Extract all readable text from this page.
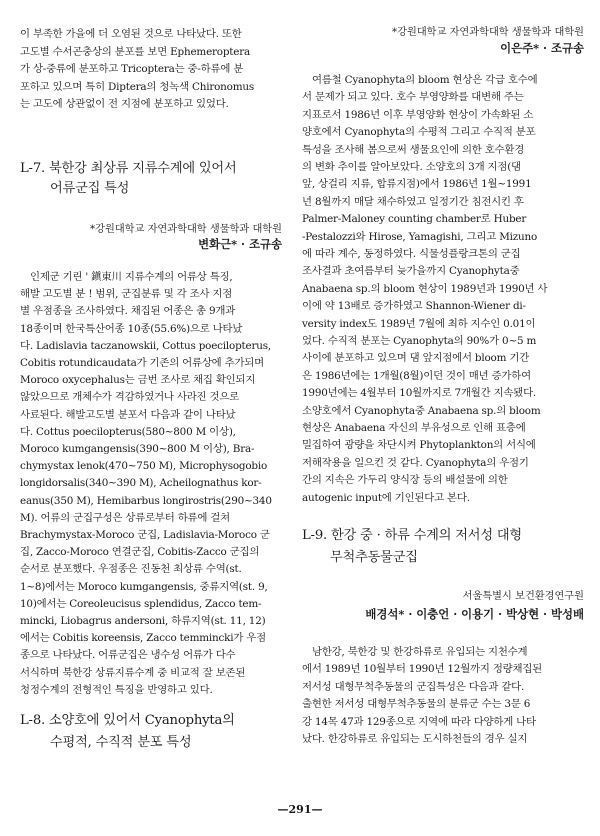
이 부족한 가을에 더 오염된 것으로 나타났다. 또한
고도별 수서곤충상의 분포를 보면 Ephemeroptera
가 상-중류에 분포하고 Tricoptera는 중-하류에 분
포하고 있으며 특히 Diptera의 청녹색 Chironomus
는 고도에 상관없이 전 지점에 분포하고 있었다.
L-7. 북한강 최상류 지류수계에 있어서
어류군집 특성
*강원대학교 자연과학대학 생물학과 대학원
변화근* · 조규송
인제군 기린 ' 鎭東川 지류수계의 어류상 특징,
해발 고도별 분 ! 범위, 군집분류 및 각 조사 지점
별 우점종을 조사하였다. 채집된 어종은 총 9개과
18종이며 한국특산어종 10종(55.6%)으로 나타났
다. Ladislavia taczanowskii, Cottus poecilopterus,
Cobitis rotundicaudata가 기존의 어류상에 추가되며
Moroco oxycephalus는 금번 조사로 채집 확인되지
않았으므로 개체수가 격감하였거나 사라진 것으로
사료된다. 해발고도별 분포서 다음과 같이 나타났
다. Cottus poecilopterus(580~800 M 이상),
Moroco kumgangensis(390~800 M 이상), Bra-
chymystax lenok(470~750 M), Microphysogobio
longidorsalis(340~390 M), Acheilognathus kor-
eanus(350 M), Hemibarbus longirostris(290~340
M). 어류의 군집구성은 상류로부터 하류에 걸쳐
Brachymystax-Moroco 군집, Ladislavia-Moroco 군
집, Zacco-Moroco 연결군집, Cobitis-Zacco 군집의
순서로 분포했다. 우점종은 진동천 최상류 수역(st.
1~8)에서는 Moroco kumgangensis, 중류지역(st. 9,
10)에서는 Coreoleucisus splendidus, Zacco tem-
mincki, Liobagrus andersoni, 하류지역(st. 11, 12)
에서는 Cobitis koreensis, Zacco temmincki가 우점
종으로 나타났다. 어류군집은 냉수성 어류가 다수
서식하며 북한강 상류지류수계 중 비교적 잘 보존된
청정수계의 전형적인 특징을 반영하고 있다.
L-8. 소양호에 있어서 Cyanophyta의
수평적, 수직적 분포 특성
*강원대학교 자연과학대학 생물학과 대학원
이은주* · 조규송
여름철 Cyanophyta의 bloom 현상은 각급 호수에
서 문제가 되고 있다. 호수 부영양화를 대변해 주는
지표로서 1986년 이후 부영양화 현상이 가속화된 소
양호에서 Cyanophyta의 수평적 그리고 수직적 분포
특성을 조사해 봄으로써 생물요인에 의한 호수환경
의 변화 추이를 알아보았다. 소양호의 3개 지점(댐
앞, 상걸리 지류, 합류지점)에서 1986년 1월~1991
년 8월까지 매달 채수하였고 일정기간 침전시킨 후
Palmer-Maloney counting chamber로 Huber
-Pestalozzi와 Hirose, Yamagishi, 그리고 Mizuno
에 따라 계수, 동정하였다. 식물성플랑크톤의 군집
조사결과 초여름부터 늦가을까지 Cyanophyta중
Anabaena sp.의 bloom 현상이 1989년과 1990년 사
이에 약 13배로 증가하였고 Shannon-Wiener di-
versity index도 1989년 7월에 최하 지수인 0.01이
었다. 수직적 분포는 Cyanophyta의 90%가 0~5 m
사이에 분포하고 있으며 댐 앞지점에서 bloom 기간
은 1986년에는 1개월(8월)이던 것이 매년 증가하여
1990년에는 4월부터 10월까지로 7개월간 지속됐다.
소양호에서 Cyanophyta중 Anabaena sp.의 bloom
현상은 Anabaena 자신의 부유성으로 인해 표층에
밀집하여 광량을 차단시켜 Phytoplankton의 서식에
저해작용을 일으킨 것 같다. Cyanophyta의 우점기
간의 지속은 가두리 양식장 등의 배설물에 의한
autogenic input에 기인된다고 본다.
L-9. 한강 중 · 하류 수계의 저서성 대형
무척추동물군집
서울특별시 보건환경연구원
배경석* · 이충언 · 이용기 · 박상현 · 박성배
남한강, 북한강 및 한강하류로 유입되는 지천수계
에서 1989년 10월부터 1990년 12월까지 정량채집된
저서성 대형무척추동물의 군집특성은 다음과 같다.
출현한 저서성 대형무척추동물의 분류군 수는 3문 6
강 14목 47과 129종으로 지역에 따라 다양하게 나타
났다. 한강하류로 유입되는 도시하천들의 경우 실지
—291—
